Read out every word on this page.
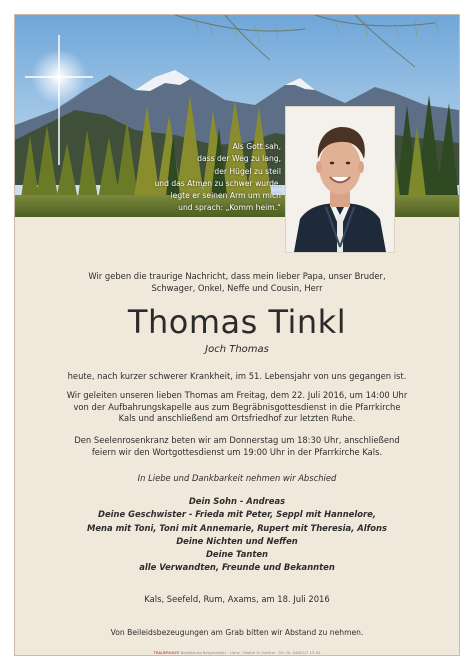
Als Gott sah,
dass der Weg zu lang,
der Hügel zu steil
und das Atmen zu schwer wurde,
legte er seinen Arm um mich
und sprach: „Komm heim.“
Wir geben die traurige Nachricht, dass mein lieber Papa, unser Bruder,
Schwager, Onkel, Neffe und Cousin, Herr
Thomas Tinkl
Joch Thomas
heute, nach kurzer schwerer Krankheit, im 51. Lebensjahr von uns gegangen ist.
Wir geleiten unseren lieben Thomas am Freitag, dem 22. Juli 2016, um 14:00 Uhr
von der Aufbahrungskapelle aus zum Begräbnisgottesdienst in die Pfarrkirche
Kals und anschließend am Ortsfriedhof zur letzten Ruhe.
Den Seelenrosenkranz beten wir am Donnerstag um 18:30 Uhr, anschließend
feiern wir den Wortgottesdienst um 19:00 Uhr in der Pfarrkirche Kals.
In Liebe und Dankbarkeit nehmen wir Abschied
Dein Sohn - Andreas
Deine Geschwister - Frieda mit Peter, Seppl mit Hannelore,
Mena mit Toni, Toni mit Annemarie, Rupert mit Theresia, Alfons
Deine Nichten und Neffen
Deine Tanten
alle Verwandten, Freunde und Bekannten
Kals, Seefeld, Rum, Axams, am 18. Juli 2016
Von Beileidsbezeugungen am Grab bitten wir Abstand zu nehmen.
TRAUERHILFE Bestattung Bergmeister · Lienz · Matrei in Osttirol · Tel. Nr. 04852/7 13 00
